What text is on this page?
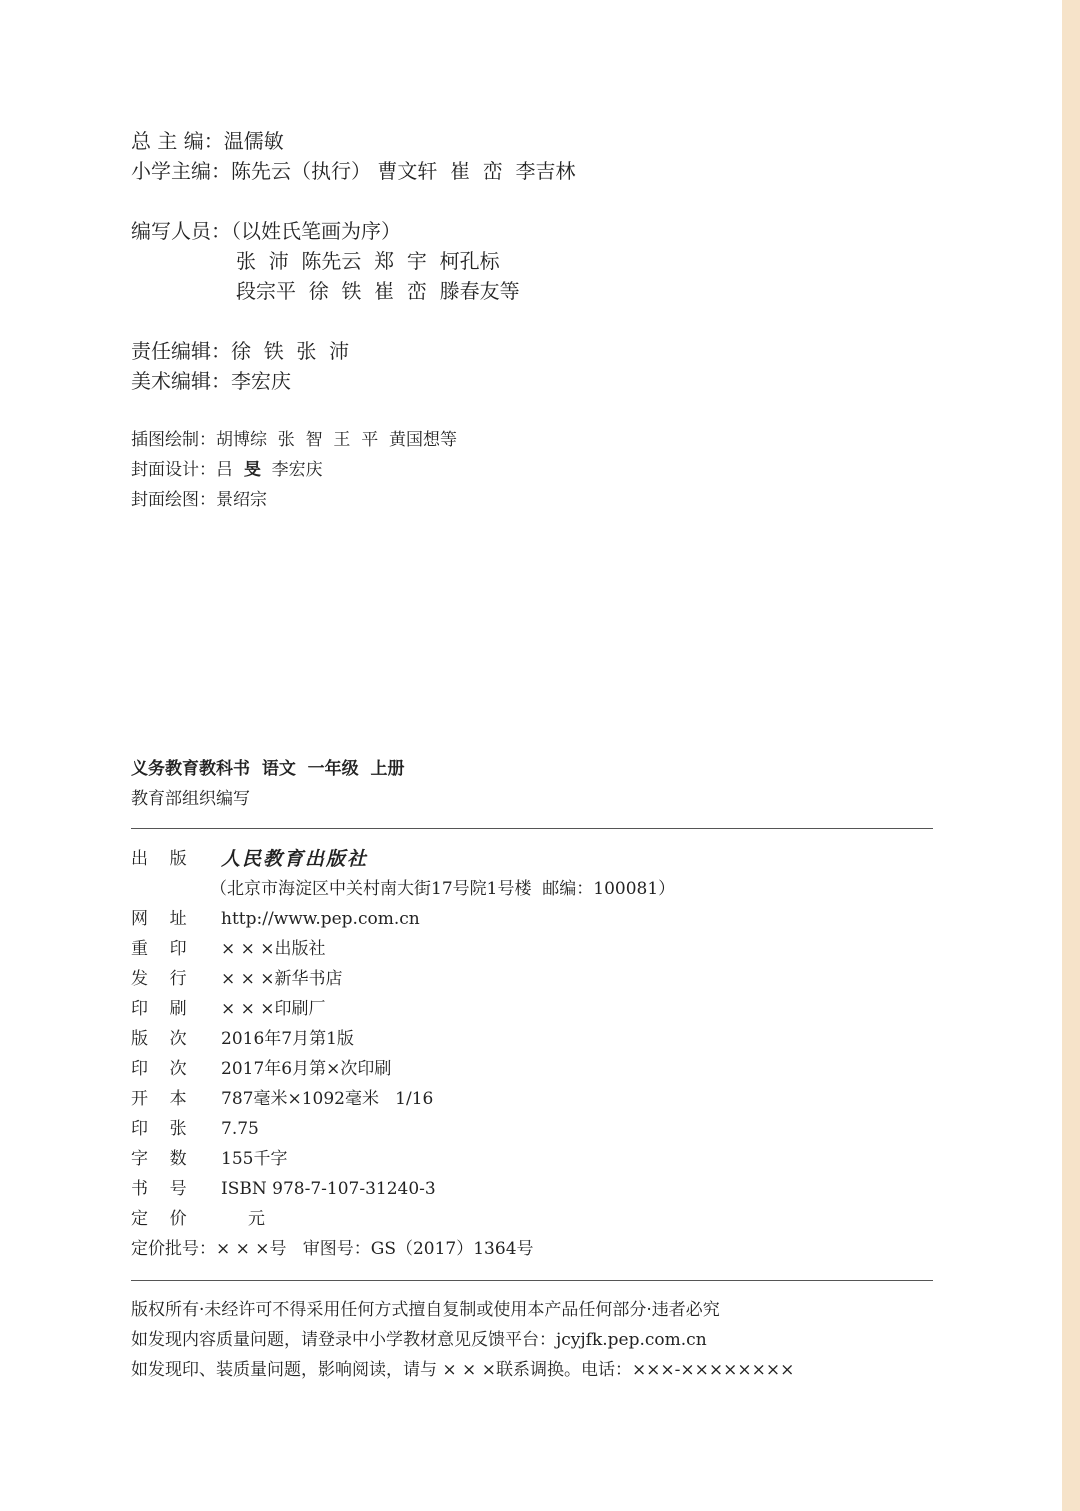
总 主 编：温儒敏
小学主编：陈先云（执行） 曹文轩  崔  峦  李吉林
编写人员：（以姓氏笔画为序）
张  沛  陈先云  郑  宇  柯孔标
段宗平  徐  铁  崔  峦  滕春友等
责任编辑：徐  铁  张  沛
美术编辑：李宏庆
插图绘制：胡博综  张  智  王  平  黄国想等
封面设计：吕  旻  李宏庆
封面绘图：景绍宗
义务教育教科书  语文  一年级  上册
教育部组织编写
出    版	人民教育出版社
（北京市海淀区中关村南大街17号院1号楼  邮编：100081）
网    址	http://www.pep.com.cn
重    印	× × ×出版社
发    行	× × ×新华书店
印    刷	× × ×印刷厂
版    次	2016年7月第1版
印    次	2017年6月第×次印刷
开    本	787毫米×1092毫米   1/16
印    张	7.75
字    数	155千字
书    号	ISBN 978-7-107-31240-3
定    价	元
定价批号：× × ×号   审图号：GS（2017）1364号
版权所有·未经许可不得采用任何方式擅自复制或使用本产品任何部分·违者必究
如发现内容质量问题，请登录中小学教材意见反馈平台：jcyjfk.pep.com.cn
如发现印、装质量问题，影响阅读，请与 × × ×联系调换。电话：×××-××××××××
